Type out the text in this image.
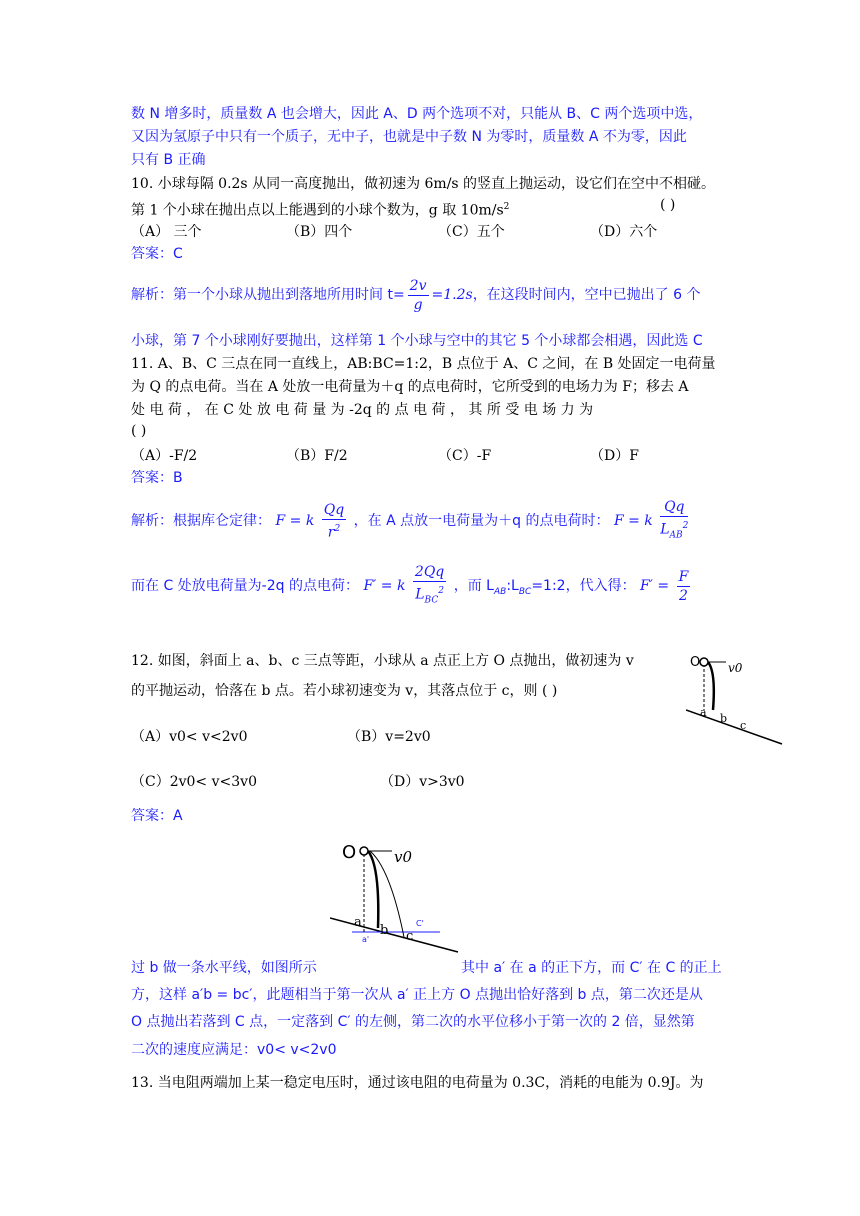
数 N 增多时，质量数 A 也会增大，因此 A、D 两个选项不对，只能从 B、C 两个选项中选，
又因为氢原子中只有一个质子，无中子，也就是中子数 N 为零时，质量数 A 不为零，因此
只有 B 正确
10. 小球每隔 0.2s 从同一高度抛出，做初速为 6m/s 的竖直上抛运动，设它们在空中不相碰。
第 1 个小球在抛出点以上能遇到的小球个数为，g 取 $10m/s^2$	( )
（A） 三个	（B）四个	（C）五个	（D）六个
答案：C
解析：第一个小球从抛出到落地所用时间 $t= \frac{2v}{g} =1.2s$，在这段时间内，空中已抛出了 6 个
小球，第 7 个小球刚好要抛出，这样第 1 个小球与空中的其它 5 个小球都会相遇，因此选 C
11. A、B、C 三点在同一直线上，AB:BC=1:2，B 点位于 A、C 之间，在 B 处固定一电荷量
为 Q 的点电荷。当在 A 处放一电荷量为＋q 的点电荷时，它所受到的电场力为 F；移去 A
处 电 荷 ， 在 C 处 放 电 荷 量 为 -2q 的 点 电 荷 ， 其 所 受 电 场 力 为
( )
（A）-F/2	（B）F/2	（C）-F	（D）F
答案：B
解析：根据库仑定律： F = k $\frac{Qq}{r^2}$ ，在 A 点放一电荷量为＋q 的点电荷时： F = k $\frac{Qq}{L_{AB}^2}$
而在 C 处放电荷量为-2q 的点电荷： F′ = k $\frac{2Qq}{L_{BC}^2}$ ，而 $L_{AB}:L_{BC}=1:2$，代入得： $F' = \frac{F}{2}$
12. 如图，斜面上 a、b、c 三点等距，小球从 a 点正上方 O 点抛出，做初速为 v
的平抛运动，恰落在 b 点。若小球初速变为 v，其落点位于 c，则 ( )
（A）v0< v<2v0	（B）v=2v0
（C）2v0< v<3v0	（D）v>3v0
答案：A
O v0
a b
c
O	v0
a
b c
a'
C'
过 b 做一条水平线，如图所示	其中 a′ 在 a 的正下方，而 C′ 在 C 的正上
方，这样 a′b = bc′，此题相当于第一次从 a′ 正上方 O 点抛出恰好落到 b 点，第二次还是从
O 点抛出若落到 C 点，一定落到 C′ 的左侧，第二次的水平位移小于第一次的 2 倍，显然第
二次的速度应满足：v0< v<2v0
13. 当电阻两端加上某一稳定电压时，通过该电阻的电荷量为 0.3C，消耗的电能为 0.9J。为
